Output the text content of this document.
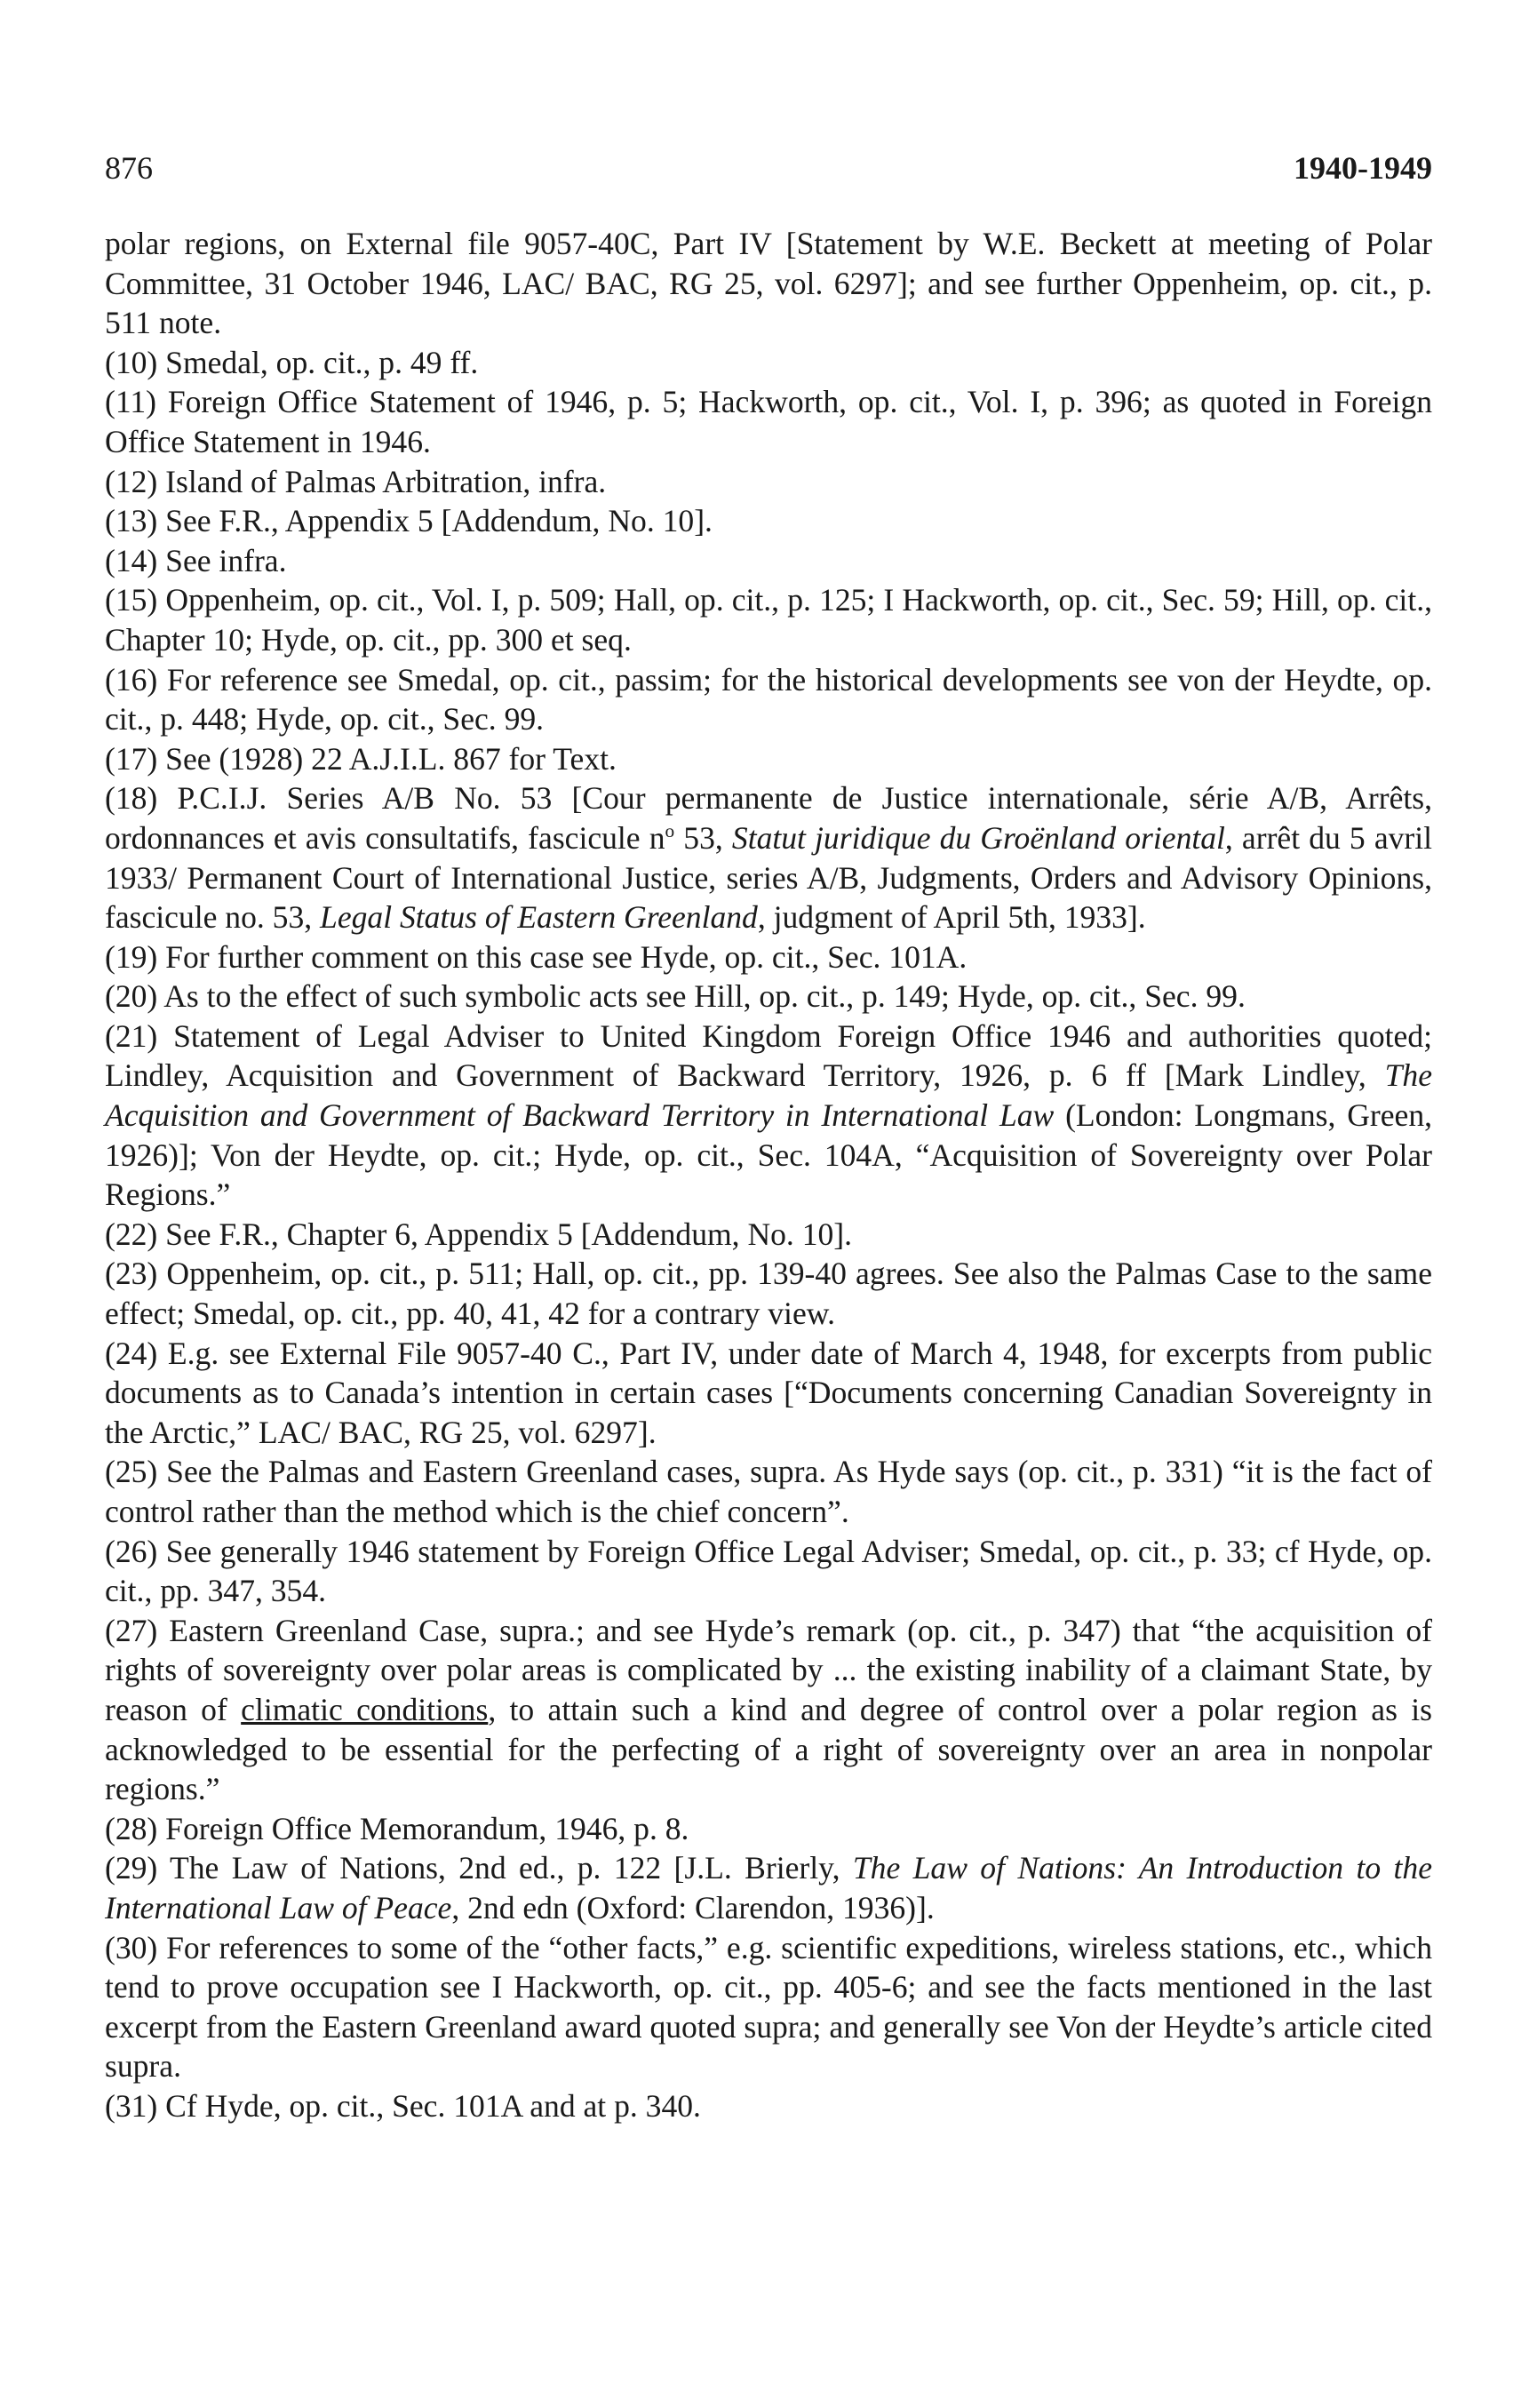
876	1940-1949

polar regions, on External file 9057-40C, Part IV [Statement by W.E. Beckett at meeting of Polar Committee, 31 October 1946, LAC/ BAC, RG 25, vol. 6297]; and see further Oppenheim, op. cit., p. 511 note.

(10) Smedal, op. cit., p. 49 ff.

(11) Foreign Office Statement of 1946, p. 5; Hackworth, op. cit., Vol. I, p. 396; as quoted in Foreign Office Statement in 1946.

(12) Island of Palmas Arbitration, infra.

(13) See F.R., Appendix 5 [Addendum, No. 10].

(14) See infra.

(15) Oppenheim, op. cit., Vol. I, p. 509; Hall, op. cit., p. 125; I Hackworth, op. cit., Sec. 59; Hill, op. cit., Chapter 10; Hyde, op. cit., pp. 300 et seq.

(16) For reference see Smedal, op. cit., passim; for the historical developments see von der Heydte, op. cit., p. 448; Hyde, op. cit., Sec. 99.

(17) See (1928) 22 A.J.I.L. 867 for Text.

(18) P.C.I.J. Series A/B No. 53 [Cour permanente de Justice internationale, série A/B, Arrêts, ordonnances et avis consultatifs, fascicule $n^o$ 53, Statut juridique du Groënland oriental, arrêt du 5 avril 1933/ Permanent Court of International Justice, series A/B, Judgments, Orders and Advisory Opinions, fascicule no. 53, Legal Status of Eastern Greenland, judgment of April 5th, 1933].

(19) For further comment on this case see Hyde, op. cit., Sec. 101A.

(20) As to the effect of such symbolic acts see Hill, op. cit., p. 149; Hyde, op. cit., Sec. 99.

(21) Statement of Legal Adviser to United Kingdom Foreign Office 1946 and authorities quoted; Lindley, Acquisition and Government of Backward Territory, 1926, p. 6 ff [Mark Lindley, The Acquisition and Government of Backward Territory in International Law (London: Longmans, Green, 1926)]; Von der Heydte, op. cit.; Hyde, op. cit., Sec. 104A, “Acquisition of Sovereignty over Polar Regions.”

(22) See F.R., Chapter 6, Appendix 5 [Addendum, No. 10].

(23) Oppenheim, op. cit., p. 511; Hall, op. cit., pp. 139-40 agrees. See also the Palmas Case to the same effect; Smedal, op. cit., pp. 40, 41, 42 for a contrary view.

(24) E.g. see External File 9057-40 C., Part IV, under date of March 4, 1948, for excerpts from public documents as to Canada’s intention in certain cases [“Documents concerning Canadian Sovereignty in the Arctic,” LAC/ BAC, RG 25, vol. 6297].

(25) See the Palmas and Eastern Greenland cases, supra. As Hyde says (op. cit., p. 331) “it is the fact of control rather than the method which is the chief concern”.

(26) See generally 1946 statement by Foreign Office Legal Adviser; Smedal, op. cit., p. 33; cf Hyde, op. cit., pp. 347, 354.

(27) Eastern Greenland Case, supra.; and see Hyde’s remark (op. cit., p. 347) that “the acquisition of rights of sovereignty over polar areas is complicated by ... the existing inability of a claimant State, by reason of climatic conditions, to attain such a kind and degree of control over a polar region as is acknowledged to be essential for the perfecting of a right of sovereignty over an area in nonpolar regions.”

(28) Foreign Office Memorandum, 1946, p. 8.

(29) The Law of Nations, 2nd ed., p. 122 [J.L. Brierly, The Law of Nations: An Introduction to the International Law of Peace, 2nd edn (Oxford: Clarendon, 1936)].

(30) For references to some of the “other facts,” e.g. scientific expeditions, wireless stations, etc., which tend to prove occupation see I Hackworth, op. cit., pp. 405-6; and see the facts mentioned in the last excerpt from the Eastern Greenland award quoted supra; and generally see Von der Heydte’s article cited supra.

(31) Cf Hyde, op. cit., Sec. 101A and at p. 340.
